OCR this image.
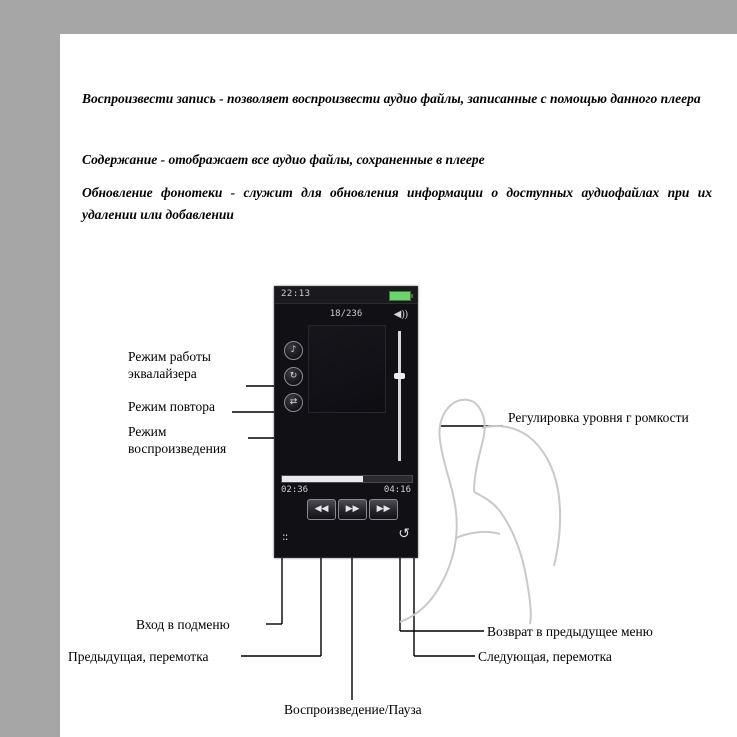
Воспроизвести запись - позволяет воспроизвести аудио файлы, записанные с помощью данного плеера
Содержание - отображает все аудио файлы, сохраненные в плеере
Обновление фонотеки - служит для обновления информации о доступных аудиофайлах при их удалении или добавлении
22:13
18/236	◀))
♪
↻
⇄
02:36	04:16
◀◀	▶▶	▶▶
::	↺
Режим работы эквалайзера
Режим повтора
Режим воспроизведения
Регулировка уровня г ромкости
Вход в подменю
Предыдущая, перемотка
Воспроизведение/Пауза
Следующая, перемотка
Возврат в предыдущее меню
